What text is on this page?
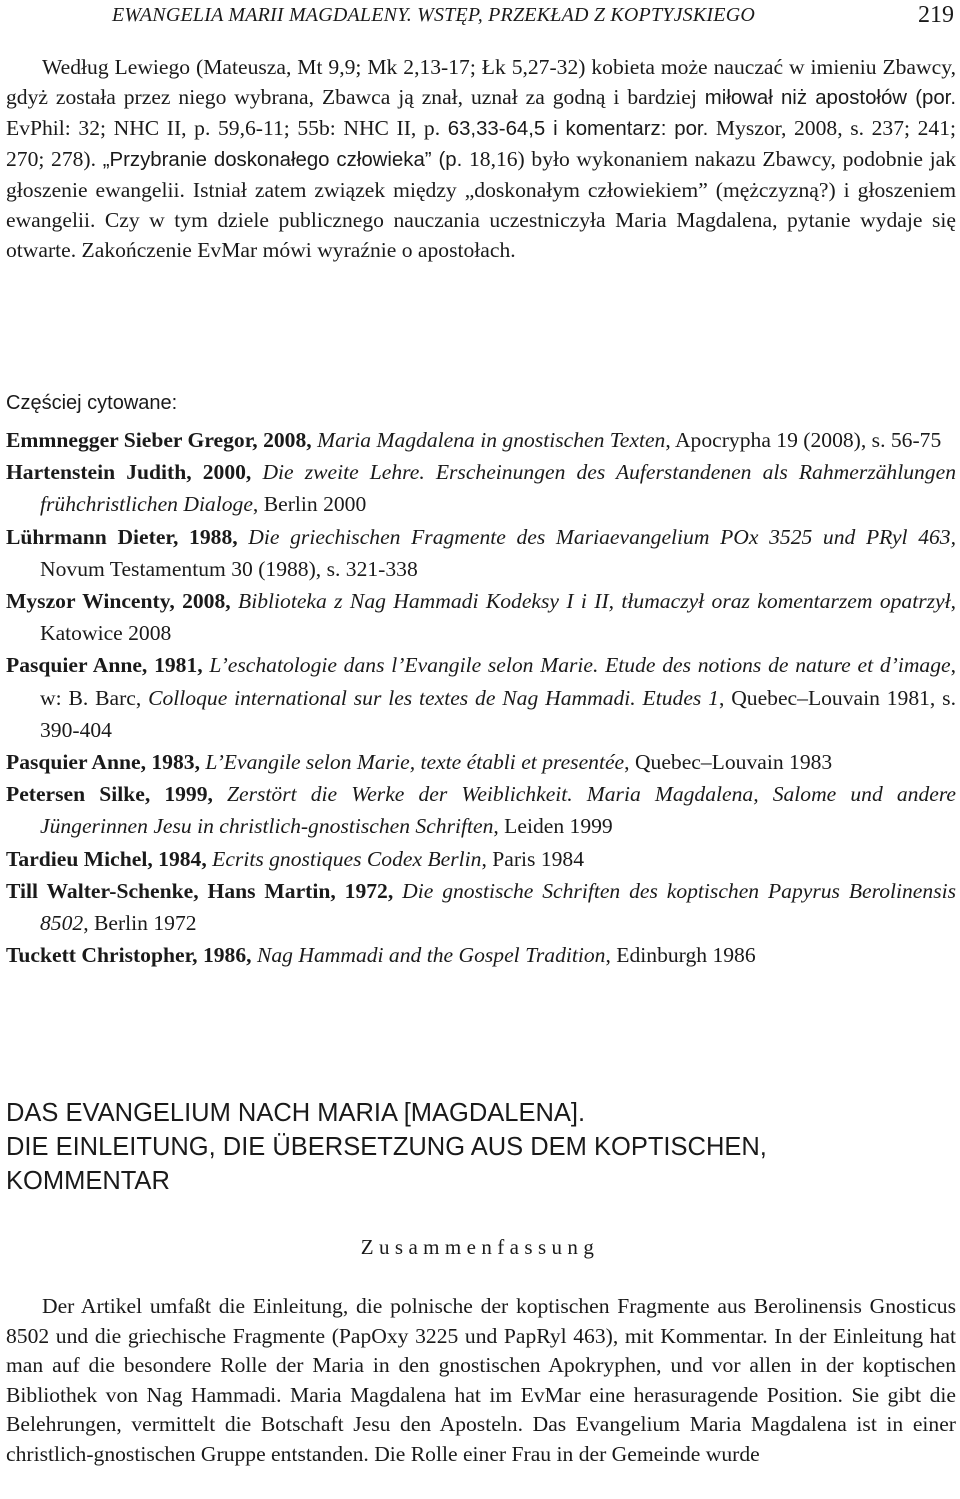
EWANGELIA MARII MAGDALENY. WSTĘP, PRZEKŁAD Z KOPTYJSKIEGO	219

Według Lewiego (Mateusza, Mt 9,9; Mk 2,13-17; Łk 5,27-32) kobieta może nauczać w imieniu Zbawcy, gdyż została przez niego wybrana, Zbawca ją znał, uznał za godną i bardziej miłował niż apostołów (por. EvPhil: 32; NHC II, p. 59,6-11; 55b: NHC II, p. 63,33-64,5 i komentarz: por. Myszor, 2008, s. 237; 241; 270; 278). „Przybranie doskonałego człowieka” (p. 18,16) było wykonaniem nakazu Zbawcy, podobnie jak głoszenie ewangelii. Istniał zatem związek między „doskonałym człowiekiem” (mężczyzną?) i głoszeniem ewangelii. Czy w tym dziele publicznego nauczania uczestniczyła Maria Magdalena, pytanie wydaje się otwarte. Zakończenie EvMar mówi wyraźnie o apostołach.

Częściej cytowane:

Emmnegger Sieber Gregor, 2008, Maria Magdalena in gnostischen Texten, Apocrypha 19 (2008), s. 56-75

Hartenstein Judith, 2000, Die zweite Lehre. Erscheinungen des Auferstandenen als Rahmerzählungen frühchristlichen Dialoge, Berlin 2000

Lührmann Dieter, 1988, Die griechischen Fragmente des Mariaevangelium POx 3525 und PRyl 463, Novum Testamentum 30 (1988), s. 321-338

Myszor Wincenty, 2008, Biblioteka z Nag Hammadi Kodeksy I i II, tłumaczył oraz komentarzem opatrzył, Katowice 2008

Pasquier Anne, 1981, L’eschatologie dans l’Evangile selon Marie. Etude des notions de nature et d’image, w: B. Barc, Colloque international sur les textes de Nag Hammadi. Etudes 1, Quebec–Louvain 1981, s. 390-404

Pasquier Anne, 1983, L’Evangile selon Marie, texte établi et presentée, Quebec–Louvain 1983

Petersen Silke, 1999, Zerstört die Werke der Weiblichkeit. Maria Magdalena, Salome und andere Jüngerinnen Jesu in christlich-gnostischen Schriften, Leiden 1999

Tardieu Michel, 1984, Ecrits gnostiques Codex Berlin, Paris 1984

Till Walter-Schenke, Hans Martin, 1972, Die gnostische Schriften des koptischen Papyrus Berolinensis 8502, Berlin 1972

Tuckett Christopher, 1986, Nag Hammadi and the Gospel Tradition, Edinburgh 1986

DAS EVANGELIUM NACH MARIA [MAGDALENA].
DIE EINLEITUNG, DIE ÜBERSETZUNG AUS DEM KOPTISCHEN,
KOMMENTAR
Zusammenfassung

Der Artikel umfaßt die Einleitung, die polnische der koptischen Fragmente aus Berolinensis Gnosticus 8502 und die griechische Fragmente (PapOxy 3225 und PapRyl 463), mit Kommentar. In der Einleitung hat man auf die besondere Rolle der Maria in den gnostischen Apokryphen, und vor allen in der koptischen Bibliothek von Nag Hammadi. Maria Magdalena hat im EvMar eine herasuragende Position. Sie gibt die Belehrungen, vermittelt die Botschaft Jesu den Aposteln. Das Evangelium Maria Magdalena ist in einer christlich-gnostischen Gruppe entstanden. Die Rolle einer Frau in der Gemeinde wurde
